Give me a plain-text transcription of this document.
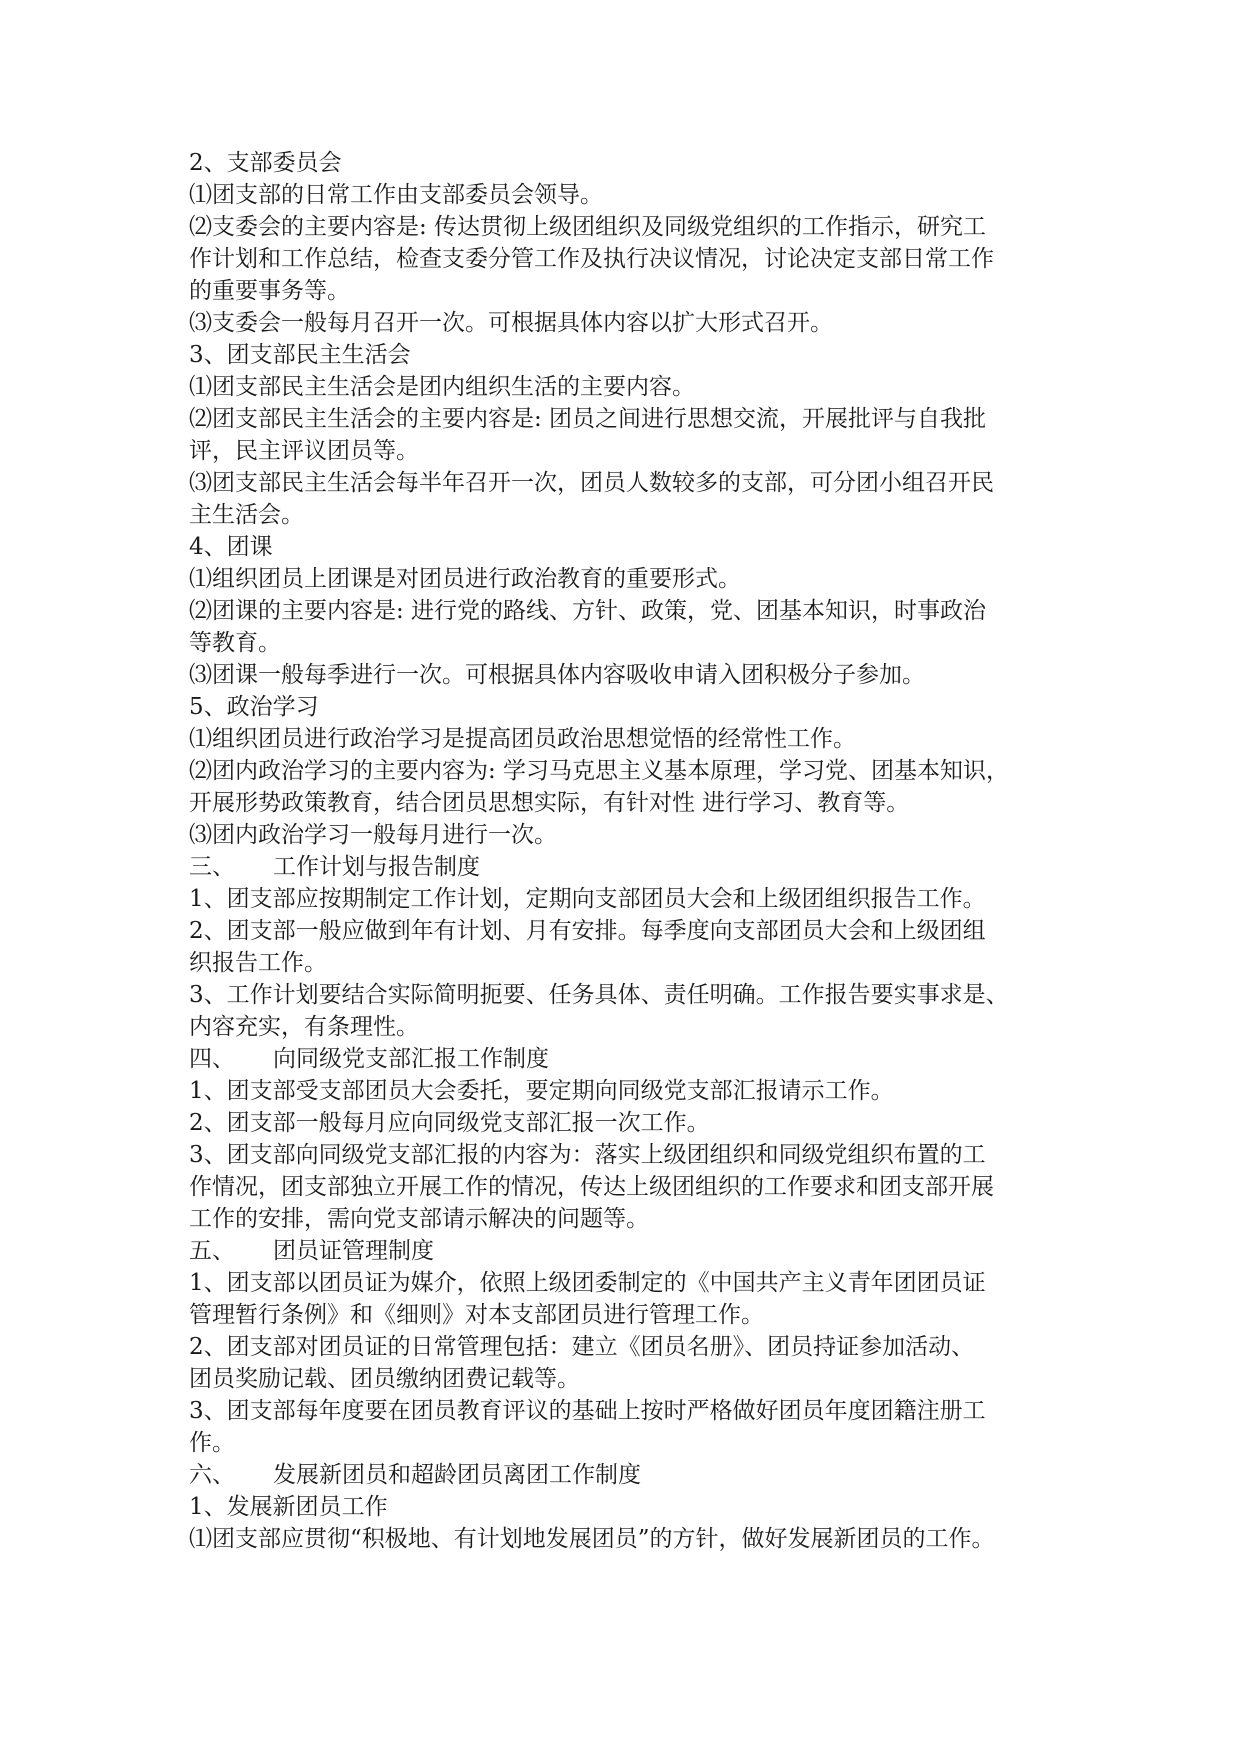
2、支部委员会
⑴团支部的日常工作由支部委员会领导。
⑵支委会的主要内容是: 传达贯彻上级团组织及同级党组织的工作指示，研究工
作计划和工作总结，检查支委分管工作及执行决议情况，讨论决定支部日常工作
的重要事务等。
⑶支委会一般每月召开一次。可根据具体内容以扩大形式召开。
3、团支部民主生活会
⑴团支部民主生活会是团内组织生活的主要内容。
⑵团支部民主生活会的主要内容是: 团员之间进行思想交流，开展批评与自我批
评，民主评议团员等。
⑶团支部民主生活会每半年召开一次，团员人数较多的支部，可分团小组召开民
主生活会。
4、团课
⑴组织团员上团课是对团员进行政治教育的重要形式。
⑵团课的主要内容是: 进行党的路线、方针、政策，党、团基本知识，时事政治
等教育。
⑶团课一般每季进行一次。可根据具体内容吸收申请入团积极分子参加。
5、政治学习
⑴组织团员进行政治学习是提高团员政治思想觉悟的经常性工作。
⑵团内政治学习的主要内容为: 学习马克思主义基本原理，学习党、团基本知识，
开展形势政策教育，结合团员思想实际，有针对性 进行学习、教育等。
⑶团内政治学习一般每月进行一次。
三、 工作计划与报告制度
1、团支部应按期制定工作计划，定期向支部团员大会和上级团组织报告工作。
2、团支部一般应做到年有计划、月有安排。每季度向支部团员大会和上级团组
织报告工作。
3、工作计划要结合实际简明扼要、任务具体、责任明确。工作报告要实事求是、
内容充实，有条理性。
四、 向同级党支部汇报工作制度
1、团支部受支部团员大会委托，要定期向同级党支部汇报请示工作。
2、团支部一般每月应向同级党支部汇报一次工作。
3、团支部向同级党支部汇报的内容为：落实上级团组织和同级党组织布置的工
作情况，团支部独立开展工作的情况，传达上级团组织的工作要求和团支部开展
工作的安排，需向党支部请示解决的问题等。
五、 团员证管理制度
1、团支部以团员证为媒介，依照上级团委制定的《中国共产主义青年团团员证
管理暂行条例》和《细则》对本支部团员进行管理工作。
2、团支部对团员证的日常管理包括：建立《团员名册》、团员持证参加活动、
团员奖励记载、团员缴纳团费记载等。
3、团支部每年度要在团员教育评议的基础上按时严格做好团员年度团籍注册工
作。
六、 发展新团员和超龄团员离团工作制度
1、发展新团员工作
⑴团支部应贯彻“积极地、有计划地发展团员”的方针，做好发展新团员的工作。
